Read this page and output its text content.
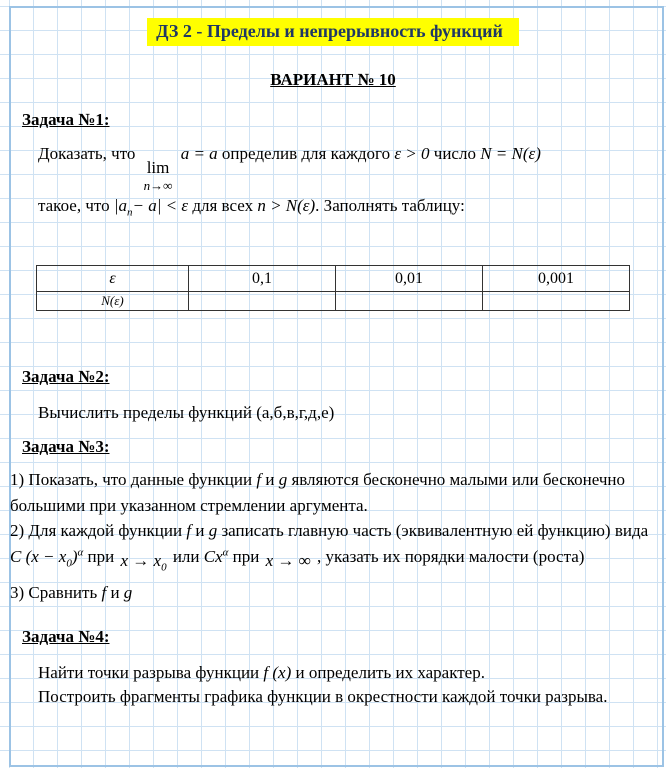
ДЗ 2 - Пределы и непрерывность функций
ВАРИАНТ № 10
Задача №1:
Доказать, что
lim
n→∞
a = a определив для каждого ε > 0 число N = N(ε)
такое, что $|a_n- a| < \varepsilon$ для всех n > N(ε). Заполнять таблицу:
ε	0,1	0,01	0,001
N(ε)			
Задача №2:
Вычислить пределы функций (а,б,в,г,д,е)
Задача №3:

1) Показать, что данные функции f и g являются бесконечно малыми или бесконечно большими при указанном стремлении аргумента.

2) Для каждой функции f и g записать главную часть (эквивалентную ей функцию) вида C $(x - x_0)^\alpha$ при $x \to x_0$ или $Cx^\alpha$ при x → ∞ , указать их порядки малости (роста)

3) Сравнить f и g

Задача №4:
Найти точки разрыва функции f (x) и определить их характер.
Построить фрагменты графика функции в окрестности каждой точки разрыва.
